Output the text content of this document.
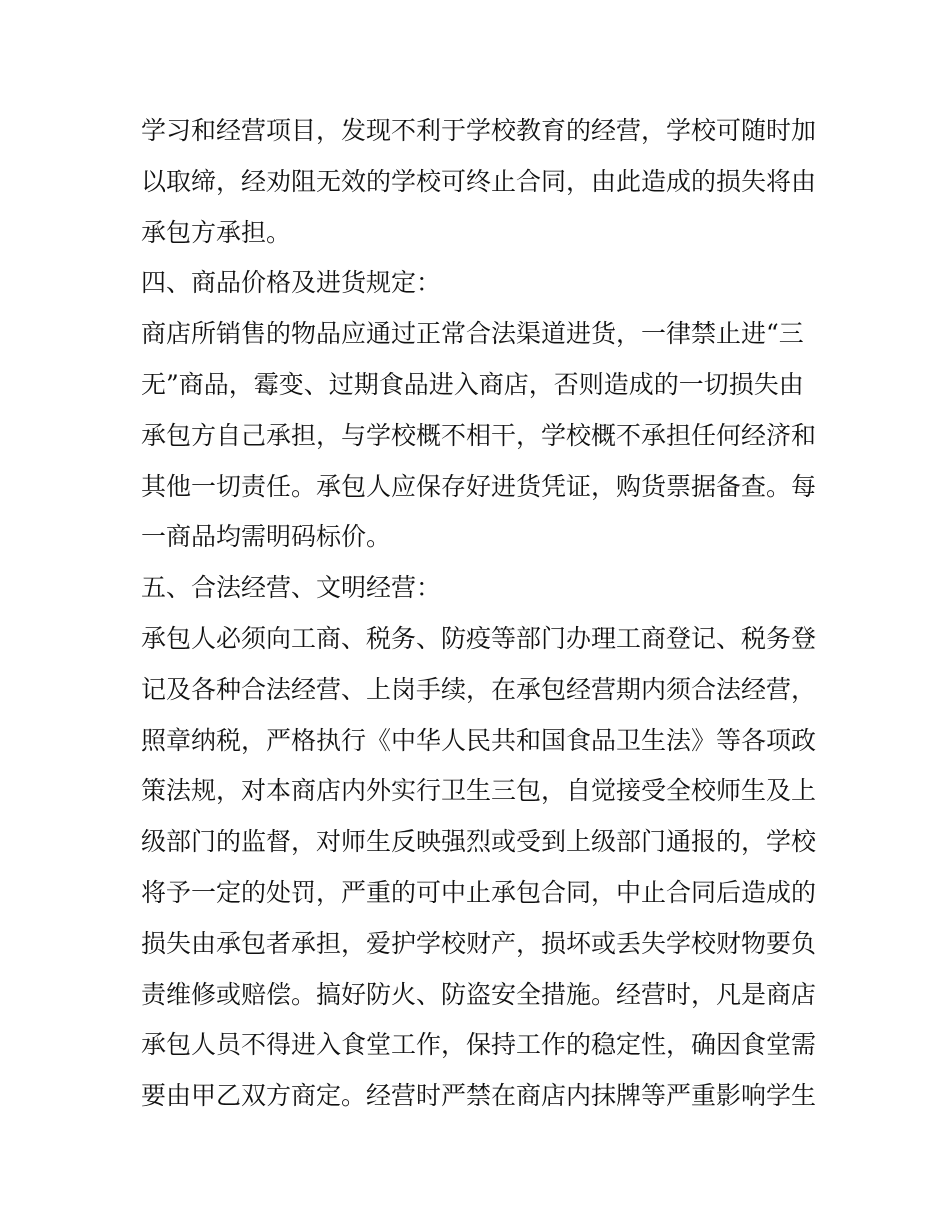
学习和经营项目，发现不利于学校教育的经营，学校可随时加
以取缔，经劝阻无效的学校可终止合同，由此造成的损失将由
承包方承担。
四、商品价格及进货规定：
商店所销售的物品应通过正常合法渠道进货，一律禁止进“三
无”商品，霉变、过期食品进入商店，否则造成的一切损失由
承包方自己承担，与学校概不相干，学校概不承担任何经济和
其他一切责任。承包人应保存好进货凭证，购货票据备查。每
一商品均需明码标价。
五、合法经营、文明经营：
承包人必须向工商、税务、防疫等部门办理工商登记、税务登
记及各种合法经营、上岗手续，在承包经营期内须合法经营，
照章纳税，严格执行《中华人民共和国食品卫生法》等各项政
策法规，对本商店内外实行卫生三包，自觉接受全校师生及上
级部门的监督，对师生反映强烈或受到上级部门通报的，学校
将予一定的处罚，严重的可中止承包合同，中止合同后造成的
损失由承包者承担，爱护学校财产，损坏或丢失学校财物要负
责维修或赔偿。搞好防火、防盗安全措施。经营时，凡是商店
承包人员不得进入食堂工作，保持工作的稳定性，确因食堂需
要由甲乙双方商定。经营时严禁在商店内抹牌等严重影响学生
